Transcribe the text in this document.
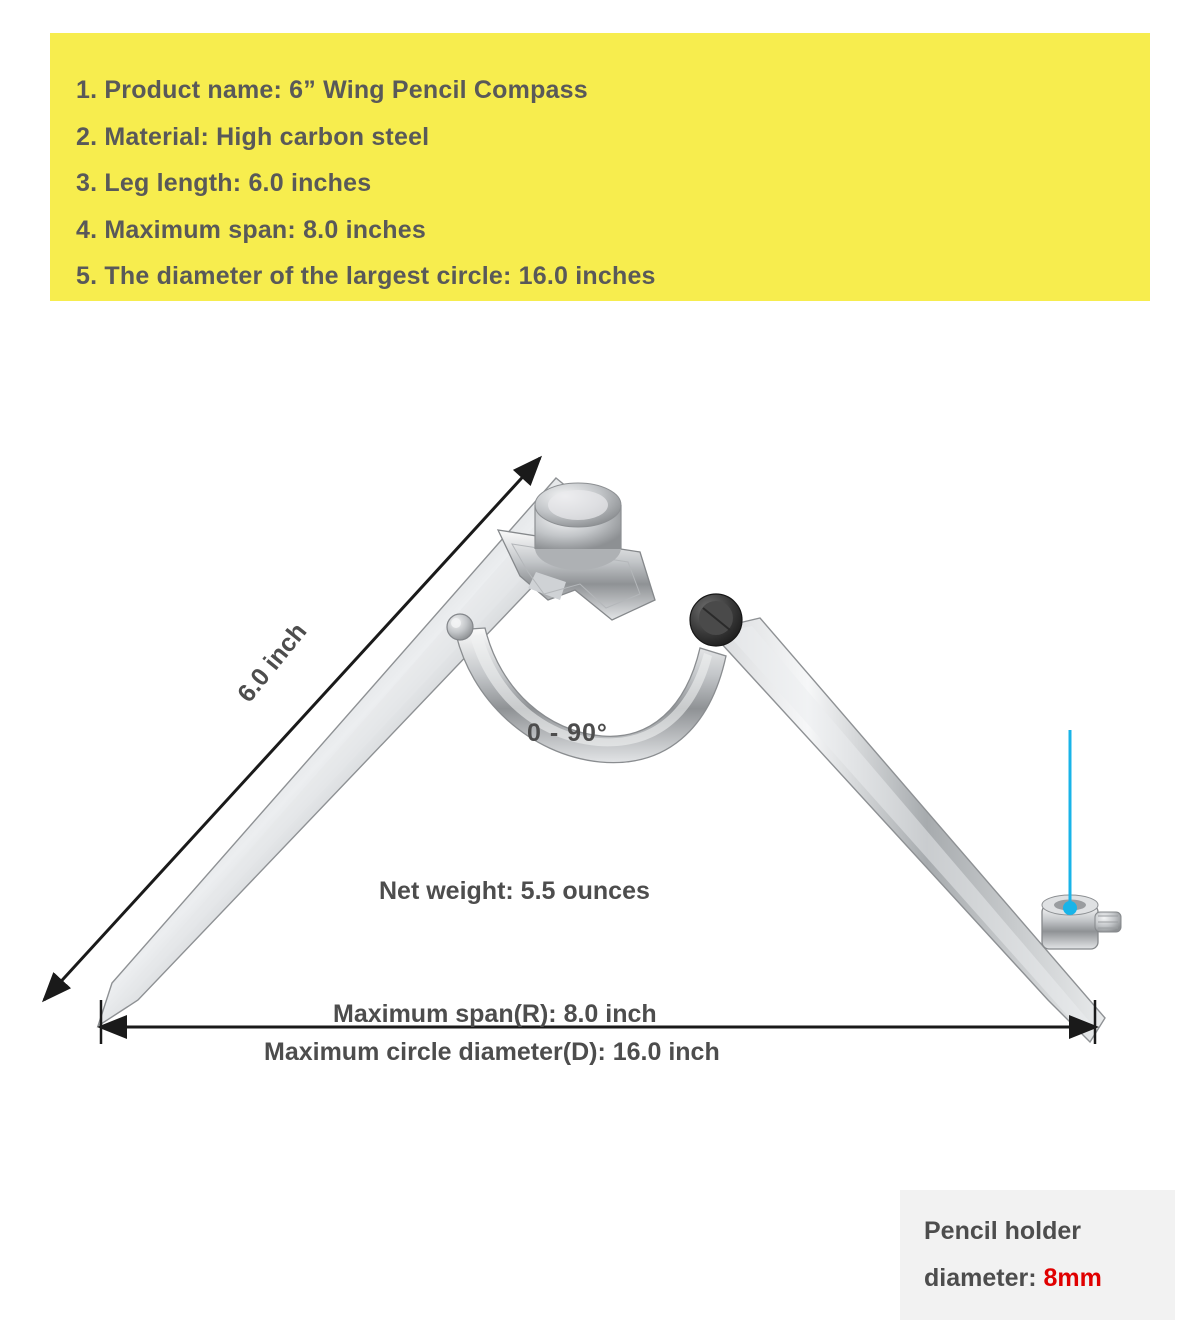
1. Product name: 6” Wing Pencil Compass
2. Material: High carbon steel
3. Leg length: 6.0 inches
4. Maximum span: 8.0 inches
5. The diameter of the largest circle: 16.0 inches
6.0 inch
0 - 90°
Net weight: 5.5 ounces
Maximum span(R): 8.0 inch
Maximum circle diameter(D): 16.0 inch
Pencil holder
diameter: 8mm
